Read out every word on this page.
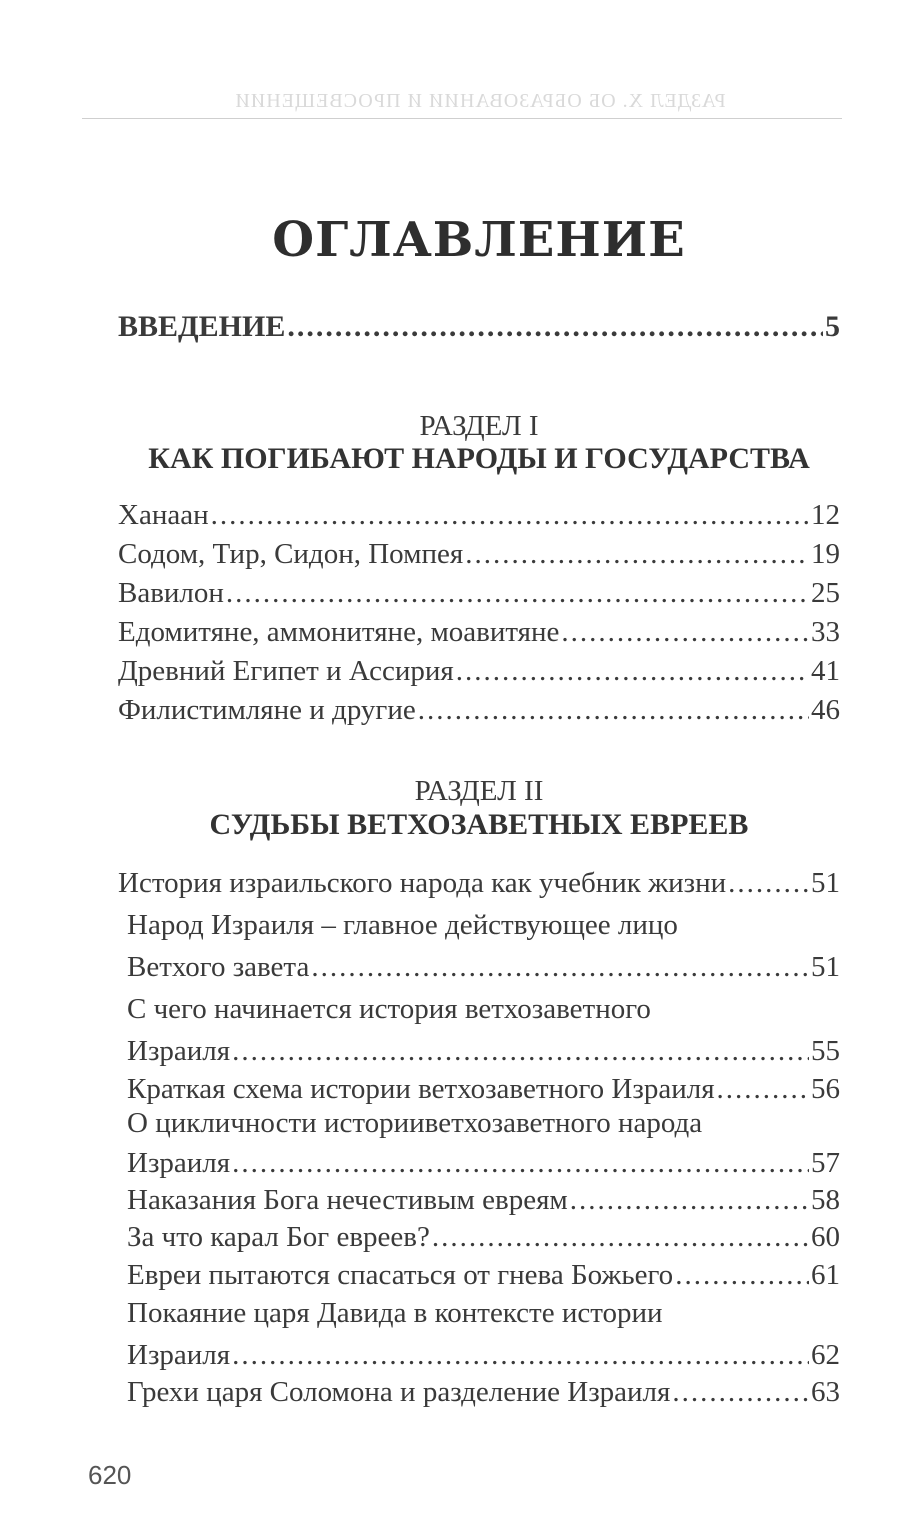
РАЗДЕЛ X. ОБ ОБРАЗОВАНИИ И ПРОСВЕЩЕНИИ
ОГЛАВЛЕНИЕ
ВВЕДЕНИЕ .....	5
РАЗДЕЛ I
КАК ПОГИБАЮТ НАРОДЫ И ГОСУДАРСТВА
Ханаан .....	12
Содом, Тир, Сидон, Помпея .....	19
Вавилон .....	25
Едомитяне, аммонитяне, моавитяне .....	33
Древний Египет и Ассирия .....	41
Филистимляне и другие .....	46
РАЗДЕЛ II
СУДЬБЫ ВЕТХОЗАВЕТНЫХ ЕВРЕЕВ
История израильского народа как учебник жизни .....	51
Народ Израиля – главное действующее лицо
Ветхого завета .....	51
С чего начинается история ветхозаветного
Израиля .....	55
Краткая схема истории ветхозаветного Израиля .....	56
О цикличности историиветхозаветного народа
Израиля .....	57
Наказания Бога нечестивым евреям .....	58
За что карал Бог евреев? .....	60
Евреи пытаются спасаться от гнева Божьего .....	61
Покаяние царя Давида в контексте истории
Израиля .....	62
Грехи царя Соломона и разделение Израиля .....	63
620
